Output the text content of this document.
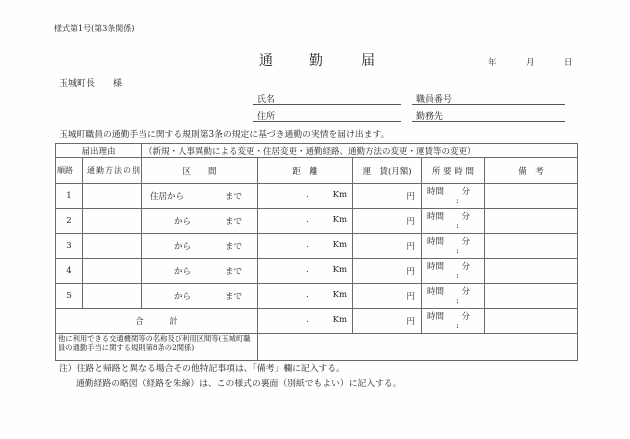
様式第1号(第3条関係)
通	勤	届	年	月	日
玉城町長　　様
氏名	職員番号
住所	勤務先
玉城町職員の通勤手当に関する規則第3条の規定に基づき通勤の実情を届け出ます。
届出理由		（新規・人事異動による変更・住居変更・通勤経路、通勤方法の変更・運賃等の変更）				
順路	通勤方法の別	区　　間	距　離	運　賃(月額)	所 要 時 間	備　考
1		住居から まで	. Km	円	時間 分
:	

2		から まで	. Km	円	時間 分
:	

3		から まで	. Km	円	時間 分
:	

4		から まで	. Km	円	時間 分
:	

5		から まで	. Km	円	時間 分
:	

合　　　計			. Km	円	時間 分
:	

他に利用できる交通機関等の名称及び利用区間等(玉城町職員の通勤手当に関する規則第8条の2関係)						
注）往路と帰路と異なる場合その他特記事項は、「備考」欄に記入する。
通勤経路の略図（経路を朱線）は、この様式の裏面（別紙でもよい）に記入する。
